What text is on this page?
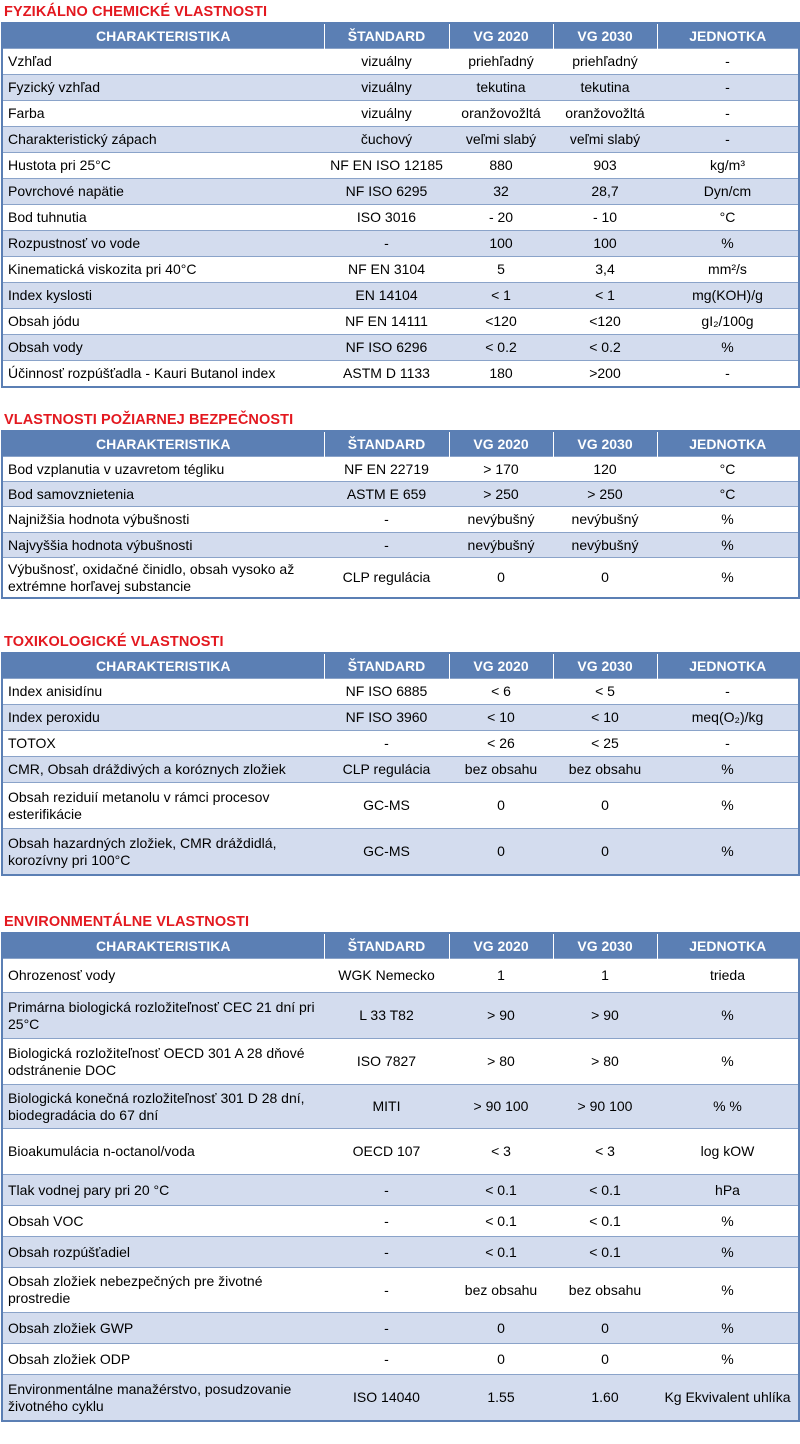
FYZIKÁLNO CHEMICKÉ VLASTNOSTI
CHARAKTERISTIKA	ŠTANDARD	VG 2020	VG 2030	JEDNOTKA
Vzhľad	vizuálny	priehľadný	priehľadný	-
Fyzický vzhľad	vizuálny	tekutina	tekutina	-
Farba	vizuálny	oranžovožltá	oranžovožltá	-
Charakteristický zápach	čuchový	veľmi slabý	veľmi slabý	-
Hustota pri 25°C	NF EN ISO 12185	880	903	kg/m³
Povrchové napätie	NF ISO 6295	32	28,7	Dyn/cm
Bod tuhnutia	ISO 3016	- 20	- 10	°C
Rozpustnosť vo vode	-	100	100	%
Kinematická viskozita pri 40°C	NF EN 3104	5	3,4	mm²/s
Index kyslosti	EN 14104	< 1	< 1	mg(KOH)/g
Obsah jódu	NF EN 14111	<120	<120	gI₂/100g
Obsah vody	NF ISO 6296	< 0.2	< 0.2	%
Účinnosť rozpúšťadla - Kauri Butanol index	ASTM D 1133	180	>200	-
VLASTNOSTI POŽIARNEJ BEZPEČNOSTI
CHARAKTERISTIKA	ŠTANDARD	VG 2020	VG 2030	JEDNOTKA
Bod vzplanutia v uzavretom tégliku	NF EN 22719	> 170	120	°C
Bod samovznietenia	ASTM E 659	> 250	> 250	°C
Najnižšia hodnota výbušnosti	-	nevýbušný	nevýbušný	%
Najvyššia hodnota výbušnosti	-	nevýbušný	nevýbušný	%
Výbušnosť, oxidačné činidlo, obsah vysoko až extrémne horľavej substancie	CLP regulácia	0	0	%
TOXIKOLOGICKÉ VLASTNOSTI
CHARAKTERISTIKA	ŠTANDARD	VG 2020	VG 2030	JEDNOTKA
Index anisidínu	NF ISO 6885	< 6	< 5	-
Index peroxidu	NF ISO 3960	< 10	< 10	meq(O₂)/kg
TOTOX	-	< 26	< 25	-
CMR, Obsah dráždivých a koróznych zložiek	CLP regulácia	bez obsahu	bez obsahu	%
Obsah reziduií metanolu v rámci procesov esterifikácie	GC-MS	0	0	%
Obsah hazardných zložiek, CMR dráždidlá, korozívny pri 100°C	GC-MS	0	0	%
ENVIRONMENTÁLNE VLASTNOSTI
CHARAKTERISTIKA	ŠTANDARD	VG 2020	VG 2030	JEDNOTKA
Ohrozenosť vody	WGK Nemecko	1	1	trieda
Primárna biologická rozložiteľnosť CEC 21 dní pri 25°C	L 33 T82	> 90	> 90	%
Biologická rozložiteľnosť OECD 301 A 28 dňové odstránenie DOC	ISO 7827	> 80	> 80	%
Biologická konečná rozložiteľnosť 301 D 28 dní, biodegradácia do 67 dní	MITI	> 90 100	> 90 100	% %
Bioakumulácia n-octanol/voda	OECD 107	< 3	< 3	log kOW
Tlak vodnej pary pri 20 °C	-	< 0.1	< 0.1	hPa
Obsah VOC	-	< 0.1	< 0.1	%
Obsah rozpúšťadiel	-	< 0.1	< 0.1	%
Obsah zložiek nebezpečných pre životné prostredie	-	bez obsahu	bez obsahu	%
Obsah zložiek GWP	-	0	0	%
Obsah zložiek ODP	-	0	0	%
Environmentálne manažérstvo, posudzovanie životného cyklu	ISO 14040	1.55	1.60	Kg Ekvivalent uhlíka
